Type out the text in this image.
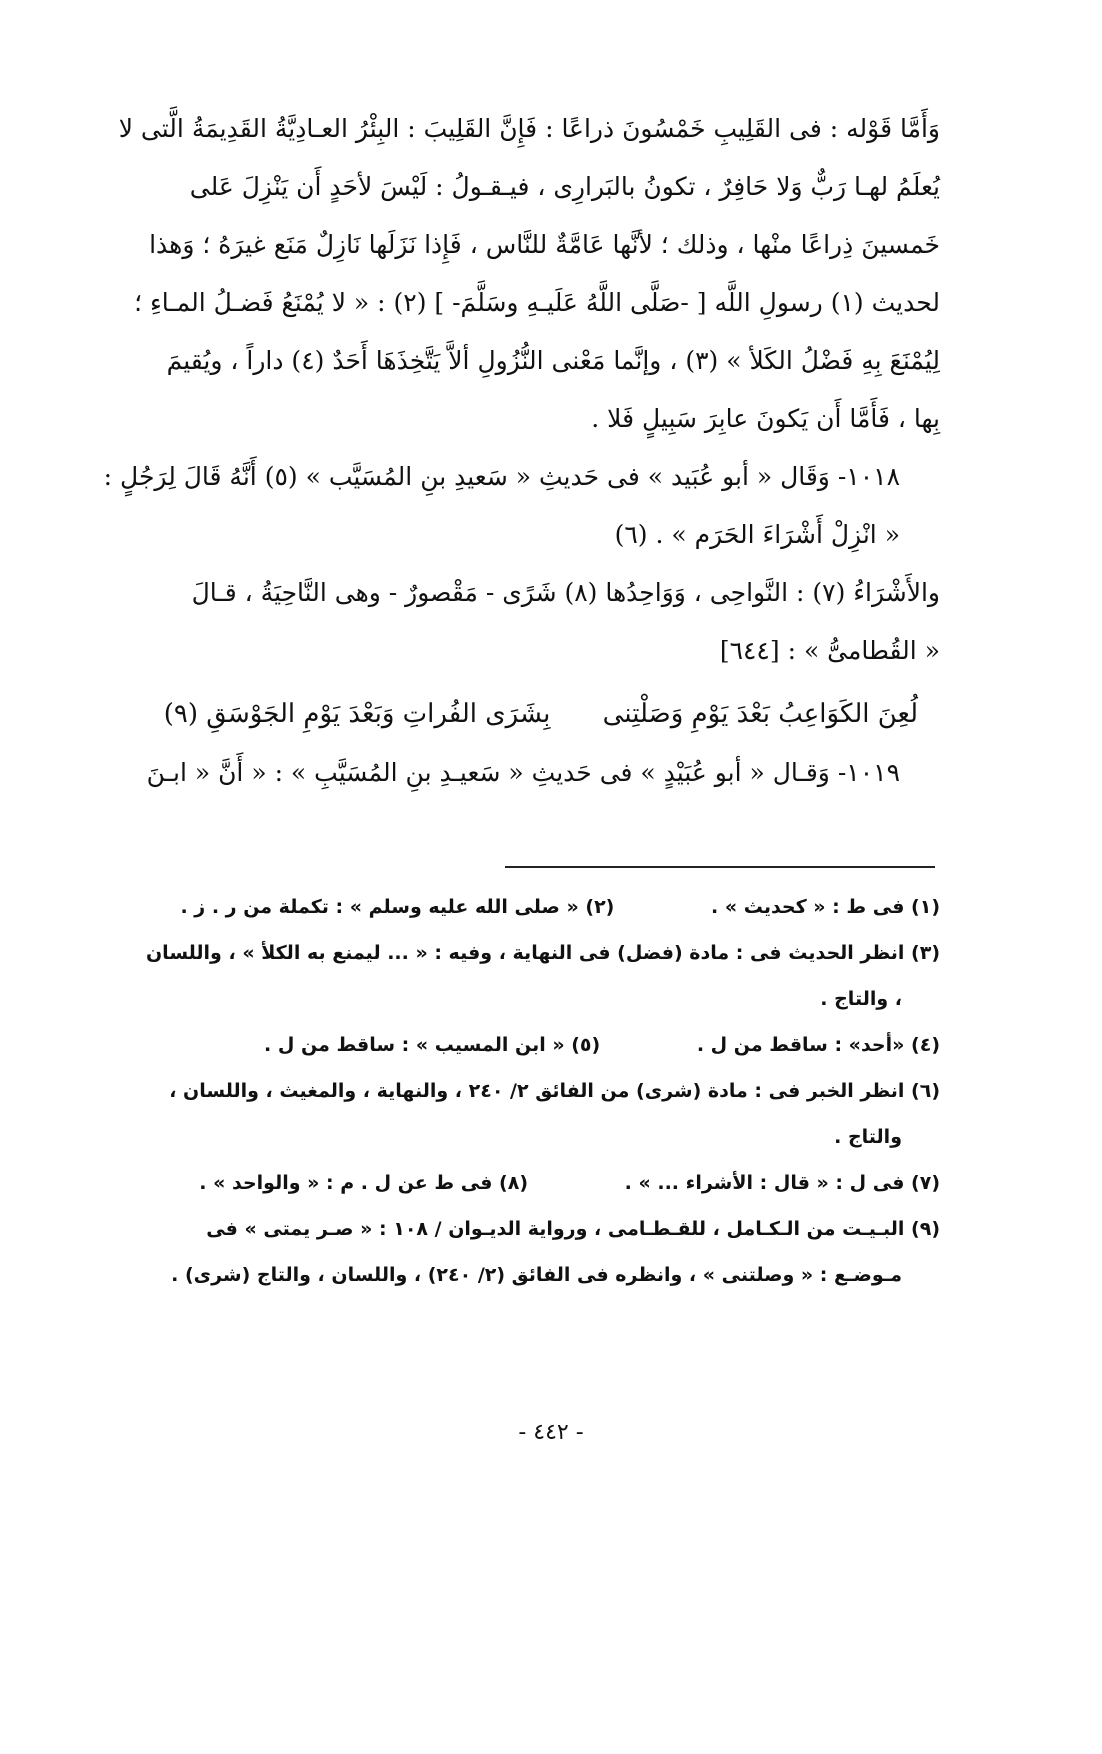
وَأَمَّا قَوْله : فى القَلِيبِ خَمْسُونَ ذراعًا : فَإِنَّ القَلِيبَ : البِئْرُ العـادِيَّةُ القَدِيمَةُ الَّتى لا

يُعلَمُ لهـا رَبٌّ وَلا حَافِرٌ ، تكونُ بالبَرارِى ، فيـقـولُ : لَيْسَ لأحَدٍ أَن يَنْزِلَ عَلى

خَمسينَ ذِراعًا منْها ، وذلك ؛ لأنَّها عَامَّةٌ للنَّاس ، فَإِذا نَزَلَها نَازِلٌ مَنَع غيرَهُ ؛ وَهذا

لحديث (١) رسولِ اللَّه [ -صَلَّى اللَّهُ عَلَيـهِ وسَلَّمَ- ] (٢) : « لا يُمْنَعُ فَضـلُ المـاءِ ؛

لِيُمْنَعَ بِهِ فَضْلُ الكَلأ » (٣) ، وإنَّما مَعْنى النُّزُولِ ألاَّ يَتَّخِذَهَا أَحَدٌ (٤) داراً ، ويُقيمَ

بِها ، فَأَمَّا أَن يَكونَ عابِرَ سَبِيلٍ فَلا .

١٠١٨- وَقَال « أبو عُبَيد » فى حَديثِ « سَعيدِ بنِ المُسَيَّب » (٥) أَنَّهُ قَالَ لِرَجُلٍ :

« انْزِلْ أَشْرَاءَ الحَرَم » . (٦)

والأَشْرَاءُ (٧) : النَّواحِى ، وَوَاحِدُها (٨) شَرًى - مَقْصورٌ - وهى النَّاحِيَةُ ، قـالَ

« القُطامىُّ » : [٦٤٤]

لُعِنَ الكَوَاعِبُ بَعْدَ يَوْمِ وَصَلْتِنى بِشَرَى الفُراتِ وَبَعْدَ يَوْمِ الجَوْسَقِ (٩)

١٠١٩- وَقـال « أبو عُبَيْدٍ » فى حَديثِ « سَعيـدِ بنِ المُسَيَّبِ » : « أَنَّ « ابـنَ

(١) فى ط : « كحديث » . (٢) « صلى الله عليه وسلم » : تكملة من ر . ز .

(٣) انظر الحديث فى : مادة (فضل) فى النهاية ، وفيه : « ... ليمنع به الكلأ » ، واللسان

، والتاج .

(٤) «أحد» : ساقط من ل . (٥) « ابن المسيب » : ساقط من ل .

(٦) انظر الخبر فى : مادة (شرى) من الفائق ٢/ ٢٤٠ ، والنهاية ، والمغيث ، واللسان ،

والتاج .

(٧) فى ل : « قال : الأشراء ... » . (٨) فى ط عن ل . م : « والواحد » .

(٩) البـيـت من الـكـامل ، للقـطـامى ، ورواية الديـوان / ١٠٨ : « صـر يمتى » فى

مـوضـع : « وصلتنى » ، وانظره فى الفائق (٢/ ٢٤٠) ، واللسان ، والتاج (شرى) .

- ٤٤٢ -
